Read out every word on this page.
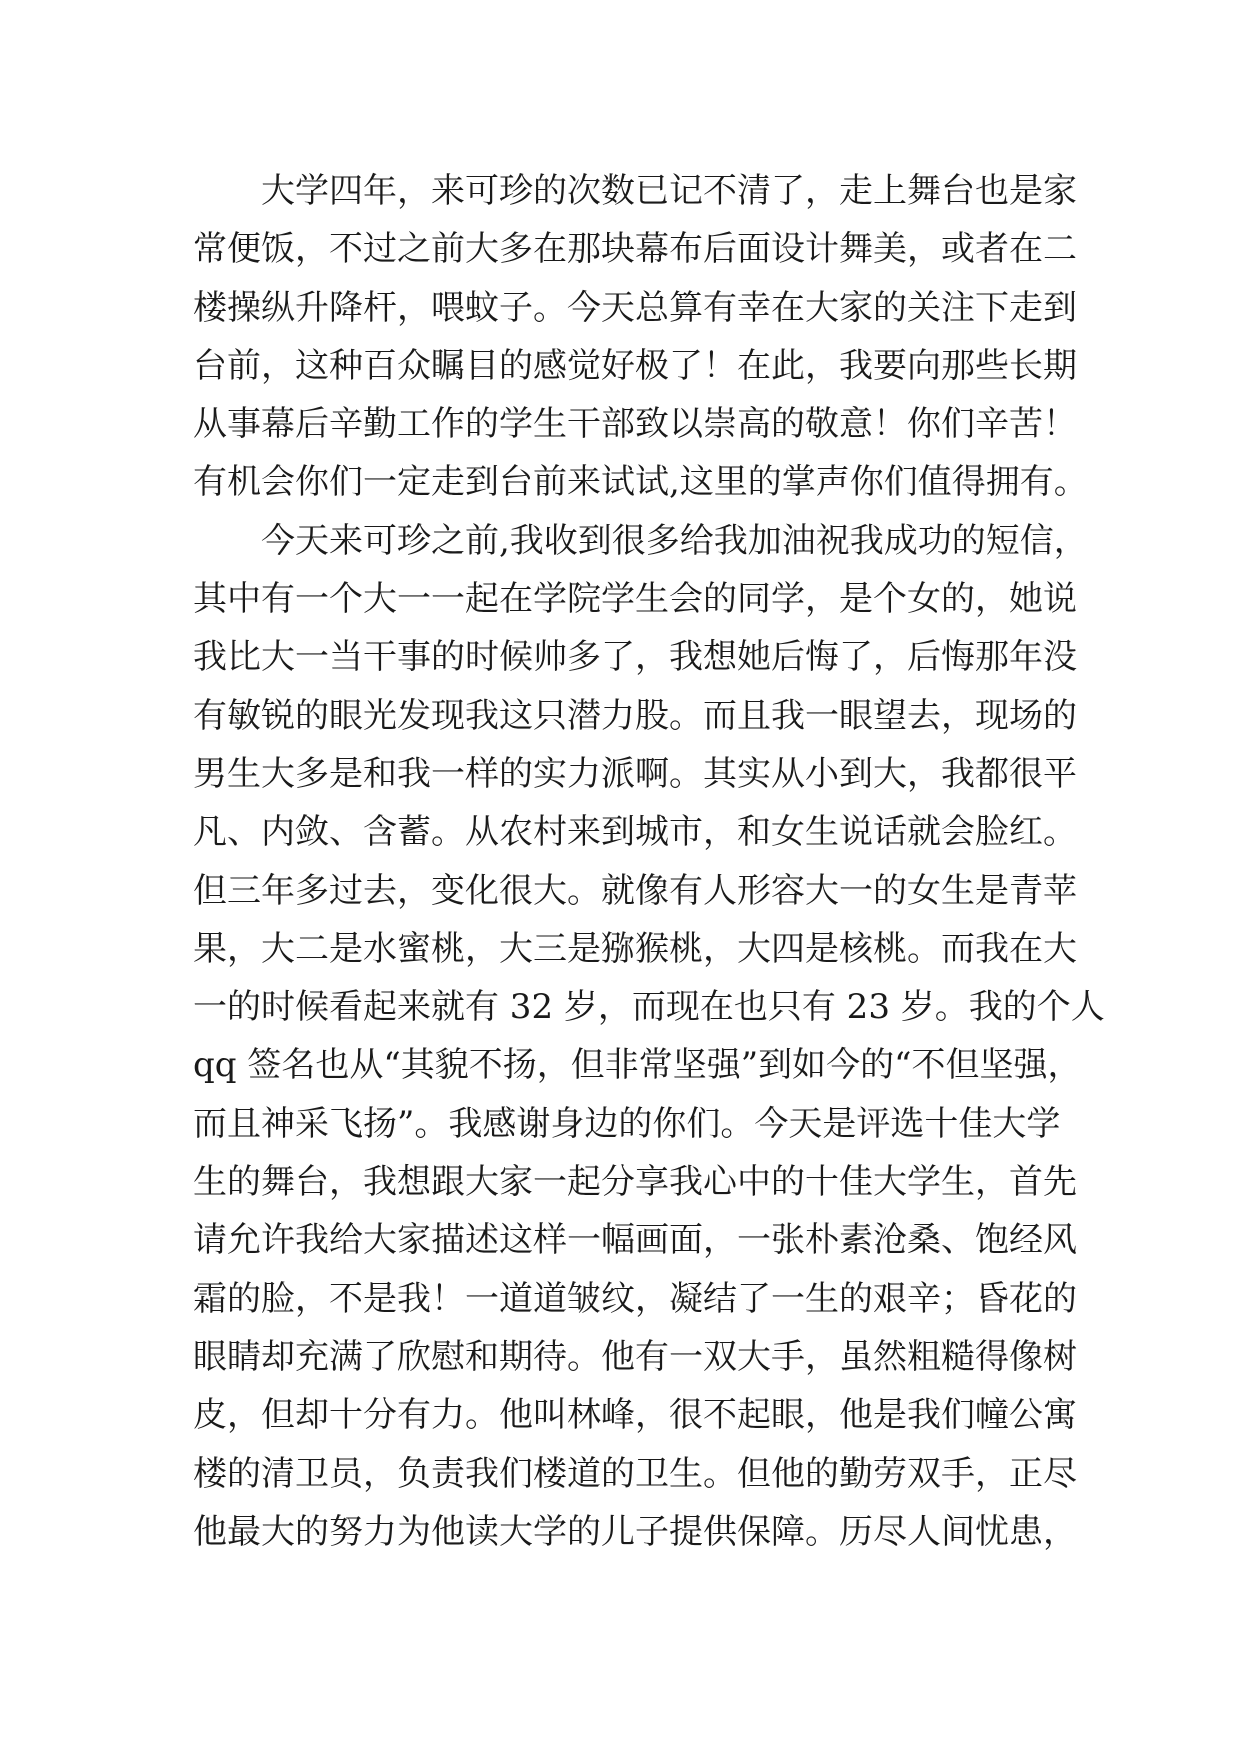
大学四年，来可珍的次数已记不清了，走上舞台也是家
常便饭，不过之前大多在那块幕布后面设计舞美，或者在二
楼操纵升降杆，喂蚊子。今天总算有幸在大家的关注下走到
台前，这种百众瞩目的感觉好极了！在此，我要向那些长期
从事幕后辛勤工作的学生干部致以崇高的敬意！你们辛苦！
有机会你们一定走到台前来试试,这里的掌声你们值得拥有。
今天来可珍之前,我收到很多给我加油祝我成功的短信，
其中有一个大一一起在学院学生会的同学，是个女的，她说
我比大一当干事的时候帅多了，我想她后悔了，后悔那年没
有敏锐的眼光发现我这只潜力股。而且我一眼望去，现场的
男生大多是和我一样的实力派啊。其实从小到大，我都很平
凡、内敛、含蓄。从农村来到城市，和女生说话就会脸红。
但三年多过去，变化很大。就像有人形容大一的女生是青苹
果，大二是水蜜桃，大三是猕猴桃，大四是核桃。而我在大
一的时候看起来就有 32 岁，而现在也只有 23 岁。我的个人
qq 签名也从“其貌不扬，但非常坚强”到如今的“不但坚强，
而且神采飞扬”。我感谢身边的你们。今天是评选十佳大学
生的舞台，我想跟大家一起分享我心中的十佳大学生，首先
请允许我给大家描述这样一幅画面，一张朴素沧桑、饱经风
霜的脸，不是我！一道道皱纹，凝结了一生的艰辛；昏花的
眼睛却充满了欣慰和期待。他有一双大手，虽然粗糙得像树
皮，但却十分有力。他叫林峰，很不起眼，他是我们幢公寓
楼的清卫员，负责我们楼道的卫生。但他的勤劳双手，正尽
他最大的努力为他读大学的儿子提供保障。历尽人间忧患，
